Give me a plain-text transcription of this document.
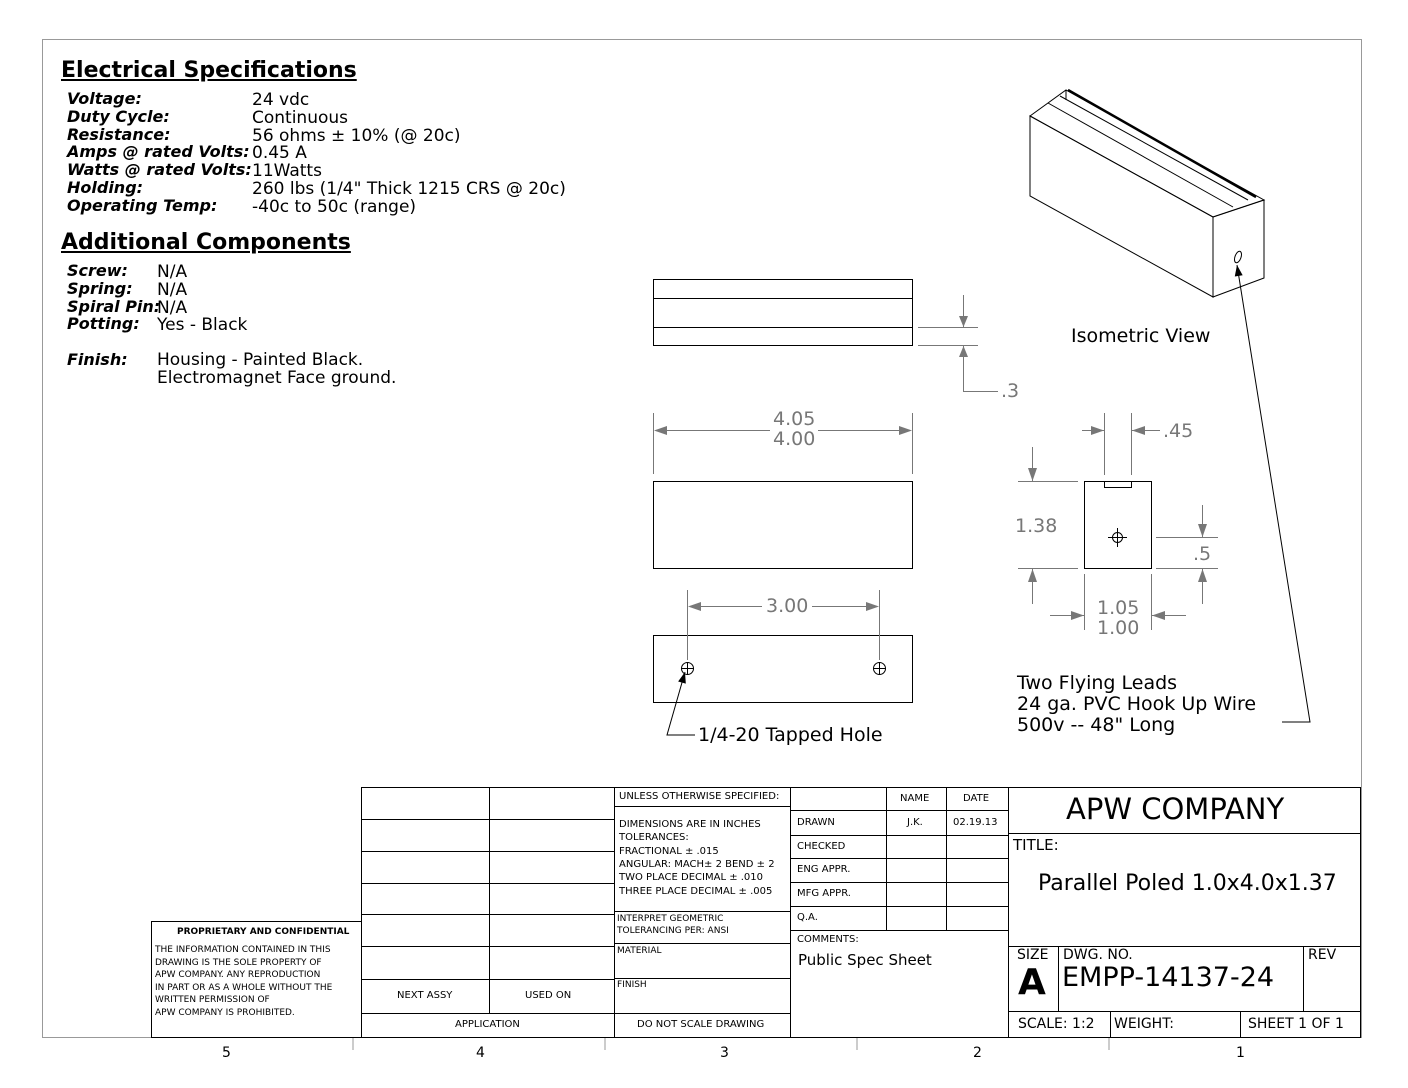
Electrical Specifications
Voltage:	24 vdc
Duty Cycle:	Continuous
Resistance:	56 ohms ± 10% (@ 20c)
Amps @ rated Volts: 0.45 A
Watts @ rated Volts: 11Watts
Holding:	260 lbs (1/4" Thick 1215 CRS @ 20c)
Operating Temp: -40c to 50c (range)
Additional Components
Screw: N/A
Spring: N/A
Spiral Pin:
N/A
Potting: Yes - Black
Finish: Housing - Painted Black.
Electromagnet Face ground.
Isometric View
.3
4.05
4.00
3.00
.45
1.38
.5
1.05
1.00
1/4-20 Tapped Hole
Two Flying Leads
24 ga. PVC Hook Up Wire
500v -- 48" Long
PROPRIETARY AND CONFIDENTIAL
THE INFORMATION CONTAINED IN THIS
DRAWING IS THE SOLE PROPERTY OF
APW COMPANY. ANY REPRODUCTION
IN PART OR AS A WHOLE WITHOUT THE
WRITTEN PERMISSION OF
APW COMPANY IS PROHIBITED.
NEXT ASSY	USED ON
APPLICATION
UNLESS OTHERWISE SPECIFIED:
DIMENSIONS ARE IN INCHES
TOLERANCES:
FRACTIONAL ± .015
ANGULAR: MACH± 2 BEND ± 2
TWO PLACE DECIMAL ± .010
THREE PLACE DECIMAL ± .005
INTERPRET GEOMETRIC
TOLERANCING PER: ANSI
MATERIAL
FINISH
DO NOT SCALE DRAWING
NAME	DATE
DRAWN	J.K.	02.19.13
CHECKED
ENG APPR.
MFG APPR.
Q.A.
COMMENTS:
Public Spec Sheet
APW COMPANY
TITLE:
Parallel Poled 1.0x4.0x1.37
SIZE
A
DWG. NO.
EMPP-14137-24
REV
SCALE: 1:2 WEIGHT:	SHEET 1 OF 1
5	4	3	2	1
